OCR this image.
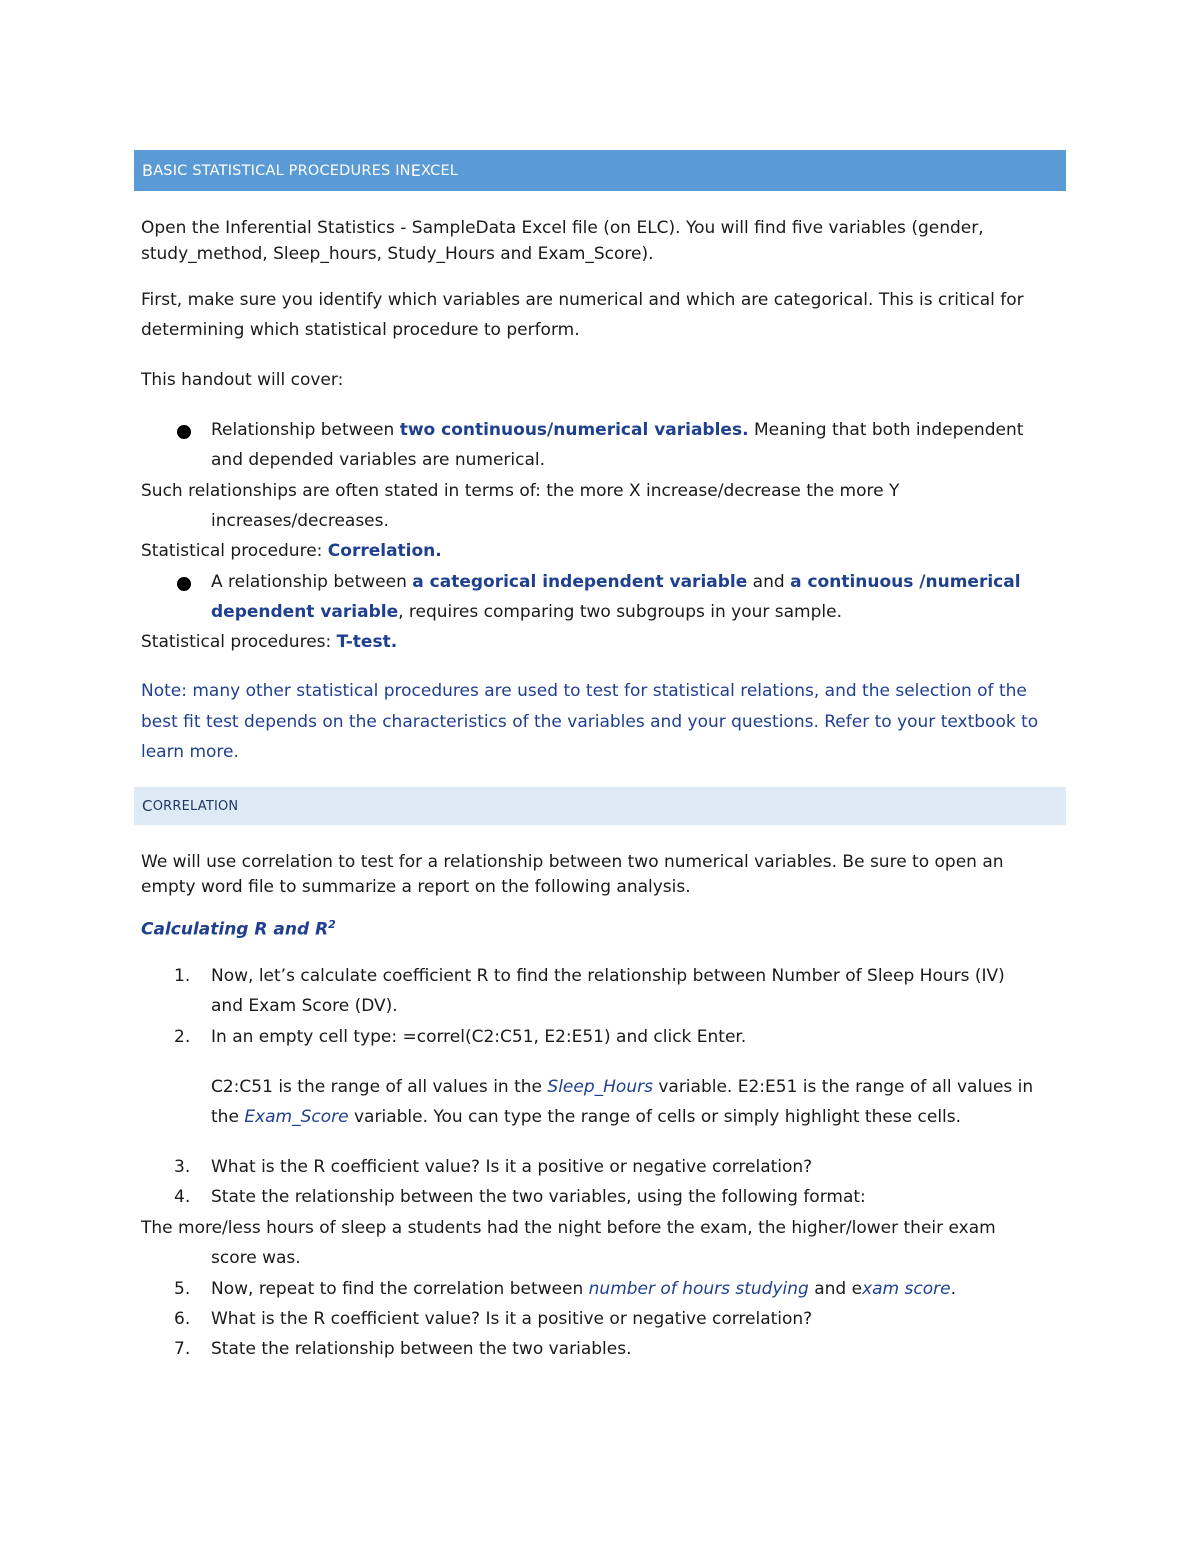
B ASIC STATISTICAL PROCEDURES IN E XCEL
Open the Inferential Statistics - SampleData Excel file (on ELC). You will find five variables (gender,
study_method, Sleep_hours, Study_Hours and Exam_Score).
First, make sure you identify which variables are numerical and which are categorical. This is critical for
determining which statistical procedure to perform.
This handout will cover:
Relationship between two continuous/numerical variables. Meaning that both independent
and depended variables are numerical.
Such relationships are often stated in terms of: the more X increase/decrease the more Y
increases/decreases.
Statistical procedure: Correlation.
A relationship between a categorical independent variable and a continuous /numerical
dependent variable, requires comparing two subgroups in your sample.
Statistical procedures: T-test.
Note: many other statistical procedures are used to test for statistical relations, and the selection of the
best fit test depends on the characteristics of the variables and your questions. Refer to your textbook to
learn more.
C ORRELATION
We will use correlation to test for a relationship between two numerical variables. Be sure to open an
empty word file to summarize a report on the following analysis.
Calculating R and $R^2$
1. Now, let’s calculate coefficient R to find the relationship between Number of Sleep Hours (IV)
and Exam Score (DV).
2. In an empty cell type: =correl(C2:C51, E2:E51) and click Enter.
C2:C51 is the range of all values in the Sleep_Hours variable. E2:E51 is the range of all values in
the Exam_Score variable. You can type the range of cells or simply highlight these cells.
3. What is the R coefficient value? Is it a positive or negative correlation?
4. State the relationship between the two variables, using the following format:
The more/less hours of sleep a students had the night before the exam, the higher/lower their exam
score was.
5. Now, repeat to find the correlation between number of hours studying and exam score.
6. What is the R coefficient value? Is it a positive or negative correlation?
7. State the relationship between the two variables.
